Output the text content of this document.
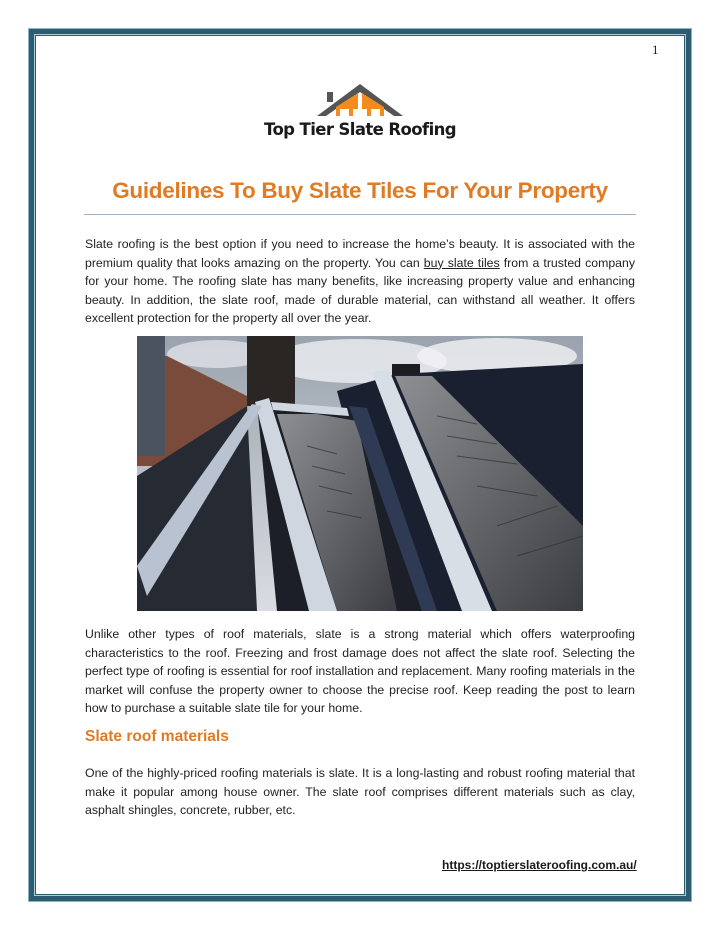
1
Top Tier Slate Roofing
Guidelines To Buy Slate Tiles For Your Property

Slate roofing is the best option if you need to increase the home’s beauty. It is associated with the premium quality that looks amazing on the property. You can buy slate tiles from a trusted company for your home. The roofing slate has many benefits, like increasing property value and enhancing beauty. In addition, the slate roof, made of durable material, can withstand all weather. It offers excellent protection for the property all over the year.

Unlike other types of roof materials, slate is a strong material which offers waterproofing characteristics to the roof. Freezing and frost damage does not affect the slate roof. Selecting the perfect type of roofing is essential for roof installation and replacement. Many roofing materials in the market will confuse the property owner to choose the precise roof. Keep reading the post to learn how to purchase a suitable slate tile for your home.

Slate roof materials

One of the highly-priced roofing materials is slate. It is a long-lasting and robust roofing material that make it popular among house owner. The slate roof comprises different materials such as clay, asphalt shingles, concrete, rubber, etc.

https://toptierslateroofing.com.au/
